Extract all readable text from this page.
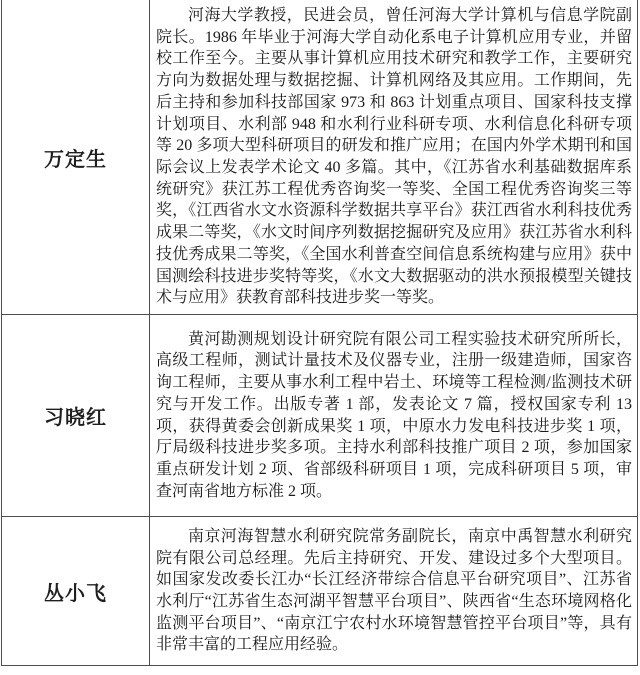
万定生

河海大学教授，民进会员，曾任河海大学计算机与信息学院副院长。1986 年毕业于河海大学自动化系电子计算机应用专业，并留校工作至今。主要从事计算机应用技术研究和教学工作，主要研究方向为数据处理与数据挖掘、计算机网络及其应用。工作期间，先后主持和参加科技部国家 973 和 863 计划重点项目、国家科技支撑计划项目、水利部 948 和水利行业科研专项、水利信息化科研专项等 20 多项大型科研项目的研发和推广应用；在国内外学术期刊和国际会议上发表学术论文 40 多篇。其中，《江苏省水利基础数据库系统研究》获江苏工程优秀咨询奖一等奖、全国工程优秀咨询奖三等奖，《江西省水文水资源科学数据共享平台》获江西省水利科技优秀成果二等奖，《水文时间序列数据挖掘研究及应用》获江苏省水利科技优秀成果二等奖，《全国水利普查空间信息系统构建与应用》获中国测绘科技进步奖特等奖，《水文大数据驱动的洪水预报模型关键技术与应用》获教育部科技进步奖一等奖。

习晓红

黄河勘测规划设计研究院有限公司工程实验技术研究所所长，高级工程师，测试计量技术及仪器专业，注册一级建造师，国家咨询工程师，主要从事水利工程中岩土、环境等工程检测/监测技术研究与开发工作。出版专著 1 部，发表论文 7 篇，授权国家专利 13 项，获得黄委会创新成果奖 1 项，中原水力发电科技进步奖 1 项，厅局级科技进步奖多项。主持水利部科技推广项目 2 项，参加国家重点研发计划 2 项、省部级科研项目 1 项，完成科研项目 5 项，审查河南省地方标准 2 项。

丛小飞

南京河海智慧水利研究院常务副院长，南京中禹智慧水利研究院有限公司总经理。先后主持研究、开发、建设过多个大型项目。如国家发改委长江办“长江经济带综合信息平台研究项目”、江苏省水利厅“江苏省生态河湖平智慧平台项目”、陕西省“生态环境网格化监测平台项目”、“南京江宁农村水环境智慧管控平台项目”等，具有非常丰富的工程应用经验。
